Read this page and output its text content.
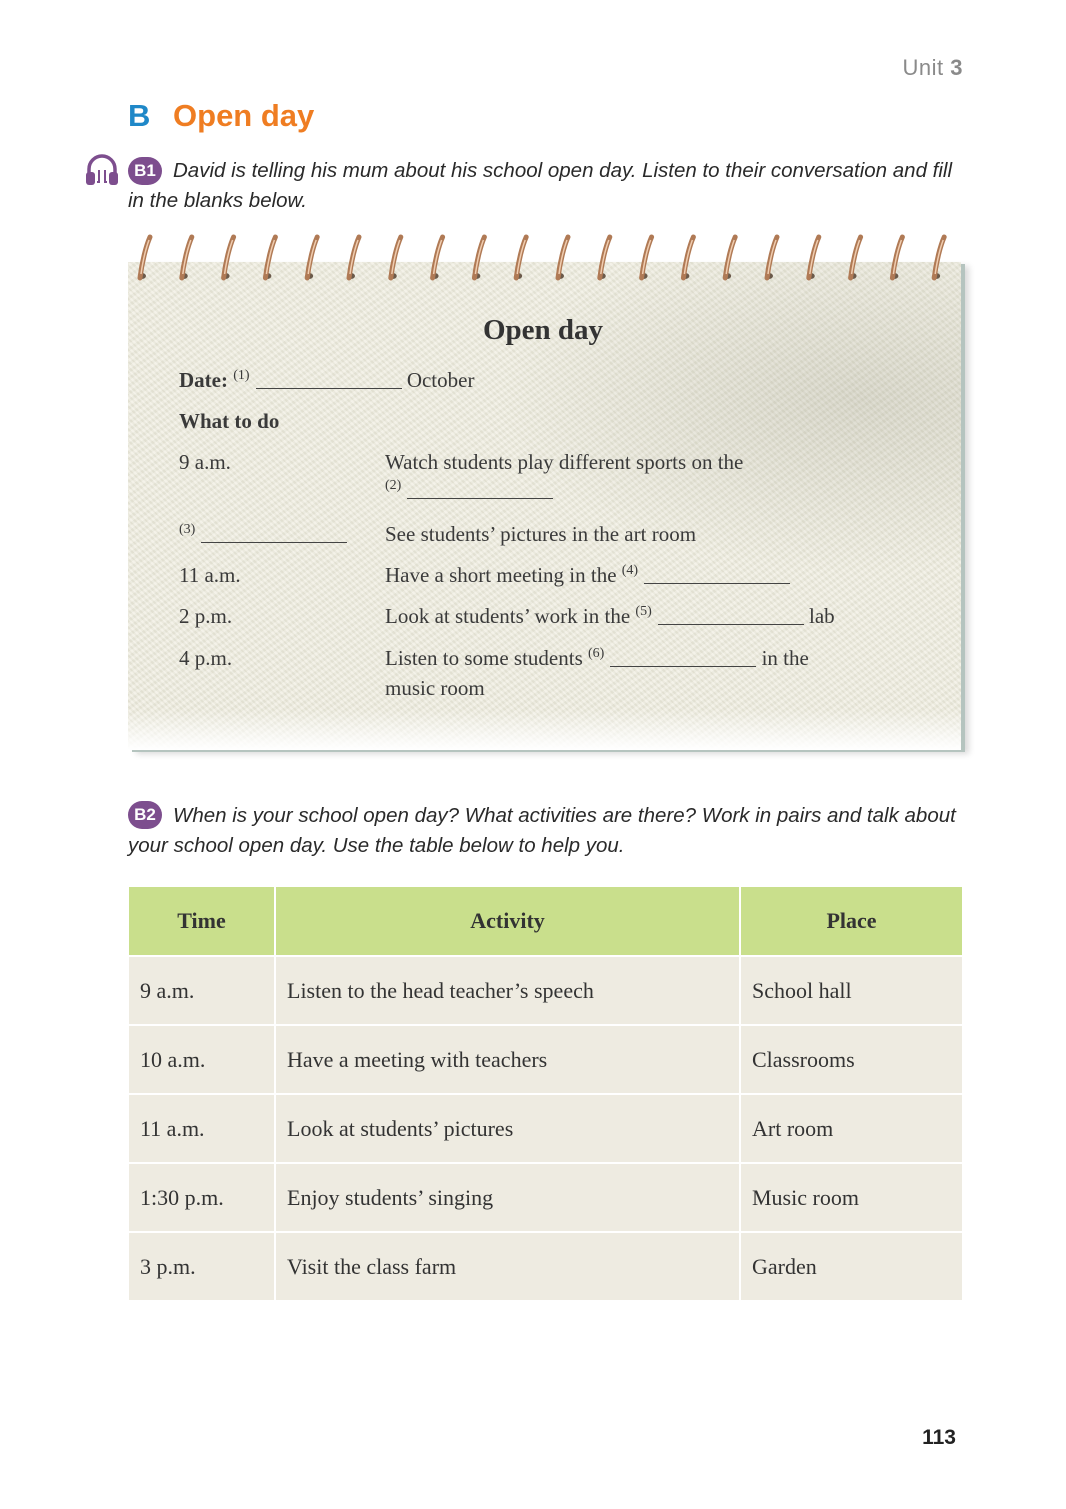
Unit 3
B Open day
B1 David is telling his mum about his school open day. Listen to their conversation and fill in the blanks below.
Open day
Date: $^{(1)}$	October
What to do
9 a.m.	Watch students play different sports on the
$^{(2)}$
$^{(3)}$	See students’ pictures in the art room
11 a.m.	Have a short meeting in the $^{(4)}$
2 p.m.	Look at students’ work in the $^{(5)}$	lab
4 p.m.	Listen to some students $^{(6)}$	in the
music room
B2 When is your school open day? What activities are there? Work in pairs and talk about your school open day. Use the table below to help you.
Time	Activity	Place
9 a.m.	Listen to the head teacher’s speech	School hall
10 a.m.	Have a meeting with teachers	Classrooms
11 a.m.	Look at students’ pictures	Art room
1:30 p.m.	Enjoy students’ singing	Music room
3 p.m.	Visit the class farm	Garden
113
